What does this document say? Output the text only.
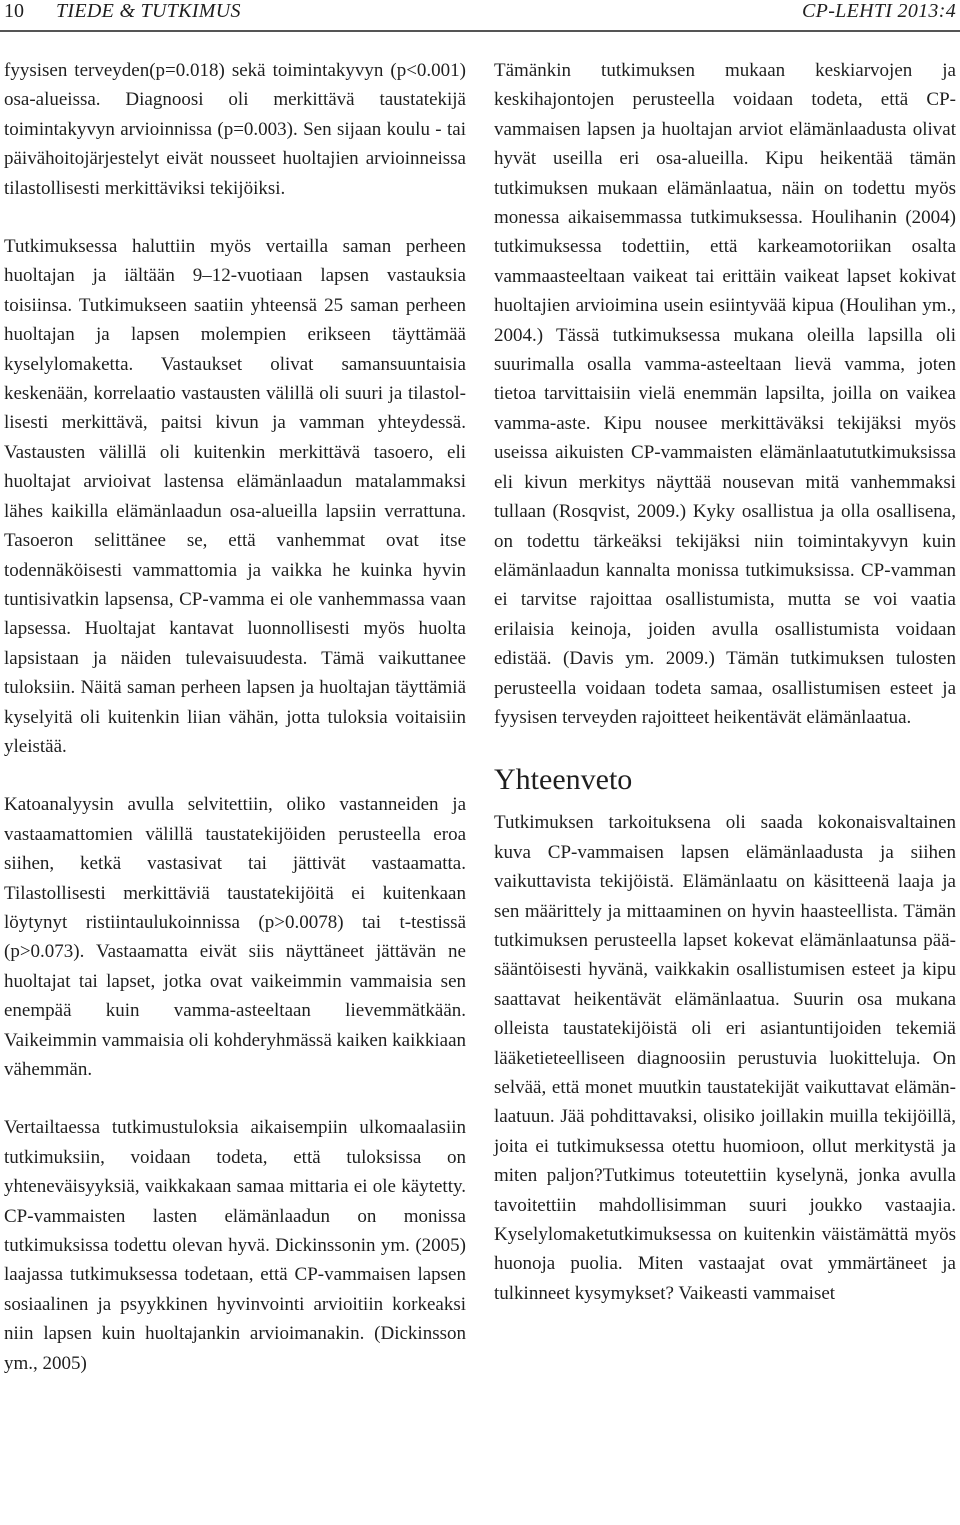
10 TIEDE & TUTKIMUS	CP-LEHTI 2013:4

fyysisen terveyden(p=0.018) sekä toimintakyvyn (p<0.001) osa-alueissa. Diagnoosi oli merkittävä taustatekijä toimintakyvyn arvioinnissa (p=0.003). Sen sijaan koulu - tai päivähoitojärjestelyt eivät nousseet huoltajien arvioinneissa tilastollisesti merkittäviksi tekijöiksi.

Tutkimuksessa haluttiin myös vertailla saman perheen huoltajan ja iältään 9–12-vuotiaan lapsen vastauksia toisiinsa. Tutkimukseen saatiin yhteensä 25 saman perheen huoltajan ja lapsen molempien erikseen täyttämää kyselylomaketta. Vastaukset olivat samansuuntaisia keskenään, korrelaatio vastausten välillä oli suuri ja tilastollisesti merkittävä, paitsi kivun ja vamman yhteydessä. Vastausten välillä oli kuitenkin merkittävä tasoero, eli huoltajat arvioivat lastensa elämänlaadun matalammaksi lähes kaikilla elämänlaadun osa-alueilla lapsiin verrattuna. Tasoeron selittänee se, että vanhemmat ovat itse todennäköisesti vammattomia ja vaikka he kuinka hyvin tuntisivatkin lapsensa, CP-vamma ei ole vanhemmassa vaan lapsessa. Huoltajat kantavat luonnollisesti myös huolta lapsistaan ja näiden tulevaisuudesta. Tämä vaikuttanee tuloksiin. Näitä saman perheen lapsen ja huoltajan täyttämiä kyselyitä oli kuitenkin liian vähän, jotta tuloksia voitaisiin yleistää.

Katoanalyysin avulla selvitettiin, oliko vastanneiden ja vastaamattomien välillä taustatekijöiden perusteella eroa siihen, ketkä vastasivat tai jättivät vastaamatta. Tilastollisesti merkittäviä taustatekijöitä ei kuitenkaan löytynyt ristiintaulukoinnissa (p>0.0078) tai t-testissä (p>0.073). Vastaamatta eivät siis näyttäneet jättävän ne huoltajat tai lapset, jotka ovat vaikeimmin vammaisia sen enempää kuin vamma-asteeltaan lievemmätkään. Vaikeimmin vammaisia oli kohderyhmässä kaiken kaikkiaan vähemmän.

Vertailtaessa tutkimustuloksia aikaisempiin ulkomaalasiin tutkimuksiin, voidaan todeta, että tuloksissa on yhteneväisyyksiä, vaikkakaan samaa mittaria ei ole käytetty. CP-vammaisten lasten elämänlaadun on monissa tutkimuksissa todettu olevan hyvä. Dickinssonin ym. (2005) laajassa tutkimuksessa todetaan, että CP-vammaisen lapsen sosiaalinen ja psyykkinen hyvinvointi arvioitiin korkeaksi niin lapsen kuin huoltajankin arvioimanakin. (Dickinsson ym., 2005)

Tämänkin tutkimuksen mukaan keskiarvojen ja keskihajontojen perusteella voidaan todeta, että CP-vammaisen lapsen ja huoltajan arviot elämänlaadusta olivat hyvät useilla eri osa-alueilla. Kipu heikentää tämän tutkimuksen mukaan elämänlaatua, näin on todettu myös monessa aikaisemmassa tutkimuksessa. Houlihanin (2004) tutkimuksessa todettiin, että karkeamotoriikan osalta vammaasteeltaan vaikeat tai erittäin vaikeat lapset kokivat huoltajien arvioimina usein esiintyvää kipua (Houlihan ym., 2004.) Tässä tutkimuksessa mukana oleilla lapsilla oli suurimalla osalla vamma-asteeltaan lievä vamma, joten tietoa tarvittaisiin vielä enemmän lapsilta, joilla on vaikea vamma-aste. Kipu nousee merkittäväksi tekijäksi myös useissa aikuisten CP-vammaisten elämänlaatututkimuksissa eli kivun merkitys näyttää nousevan mitä vanhemmaksi tullaan (Rosqvist, 2009.) Kyky osallistua ja olla osallisena, on todettu tärkeäksi tekijäksi niin toimintakyvyn kuin elämänlaadun kannalta monissa tutkimuksissa. CP-vamman ei tarvitse rajoittaa osallistumista, mutta se voi vaatia erilaisia keinoja, joiden avulla osallistumista voidaan edistää. (Davis ym. 2009.) Tämän tutkimuksen tulosten perusteella voidaan todeta samaa, osallistumisen esteet ja fyysisen terveyden rajoitteet heikentävät elämänlaatua.

Yhteenveto

Tutkimuksen tarkoituksena oli saada kokonaisvaltainen kuva CP-vammaisen lapsen elämänlaadusta ja siihen vaikuttavista tekijöistä. Elämänlaatu on käsitteenä laaja ja sen määrittely ja mittaaminen on hyvin haasteellista. Tämän tutkimuksen perusteella lapset kokevat elämänlaatunsa pääsääntöisesti hyvänä, vaikkakin osallistumisen esteet ja kipu saattavat heikentävät elämänlaatua. Suurin osa mukana olleista taustatekijöistä oli eri asiantuntijoiden tekemiä lääketieteelliseen diagnoosiin perustuvia luokitteluja. On selvää, että monet muutkin taustatekijät vaikuttavat elämänlaatuun. Jää pohdittavaksi, olisiko joillakin muilla tekijöillä, joita ei tutkimuksessa otettu huomioon, ollut merkitystä ja miten paljon?Tutkimus toteutettiin kyselynä, jonka avulla tavoitettiin mahdollisimman suuri joukko vastaajia. Kyselylomaketutkimuksessa on kuitenkin väistämättä myös huonoja puolia. Miten vastaajat ovat ymmärtäneet ja tulkinneet kysymykset? Vaikeasti vammaiset
